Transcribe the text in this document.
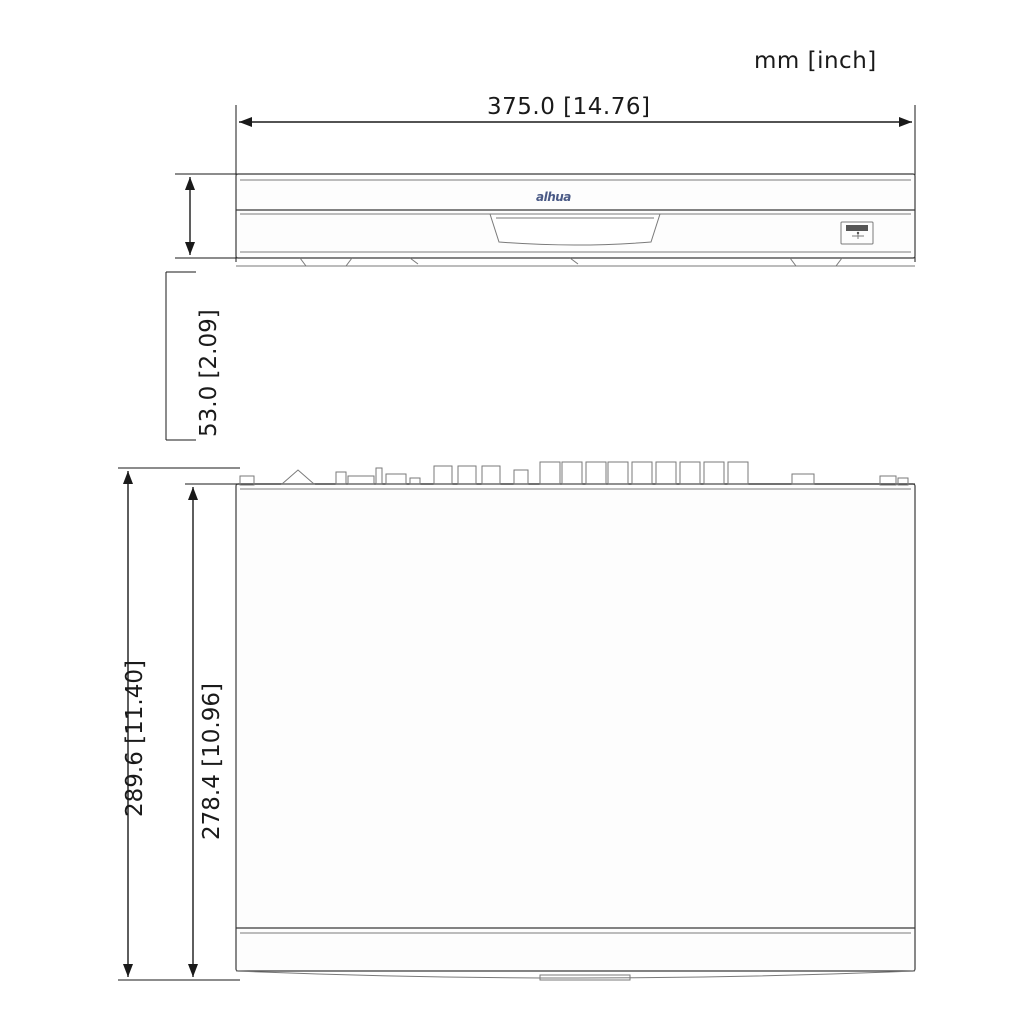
mm [inch]
375.0 [14.76]
53.0 [2.09]
289.6 [11.40] 278.4 [10.96]
alhua
